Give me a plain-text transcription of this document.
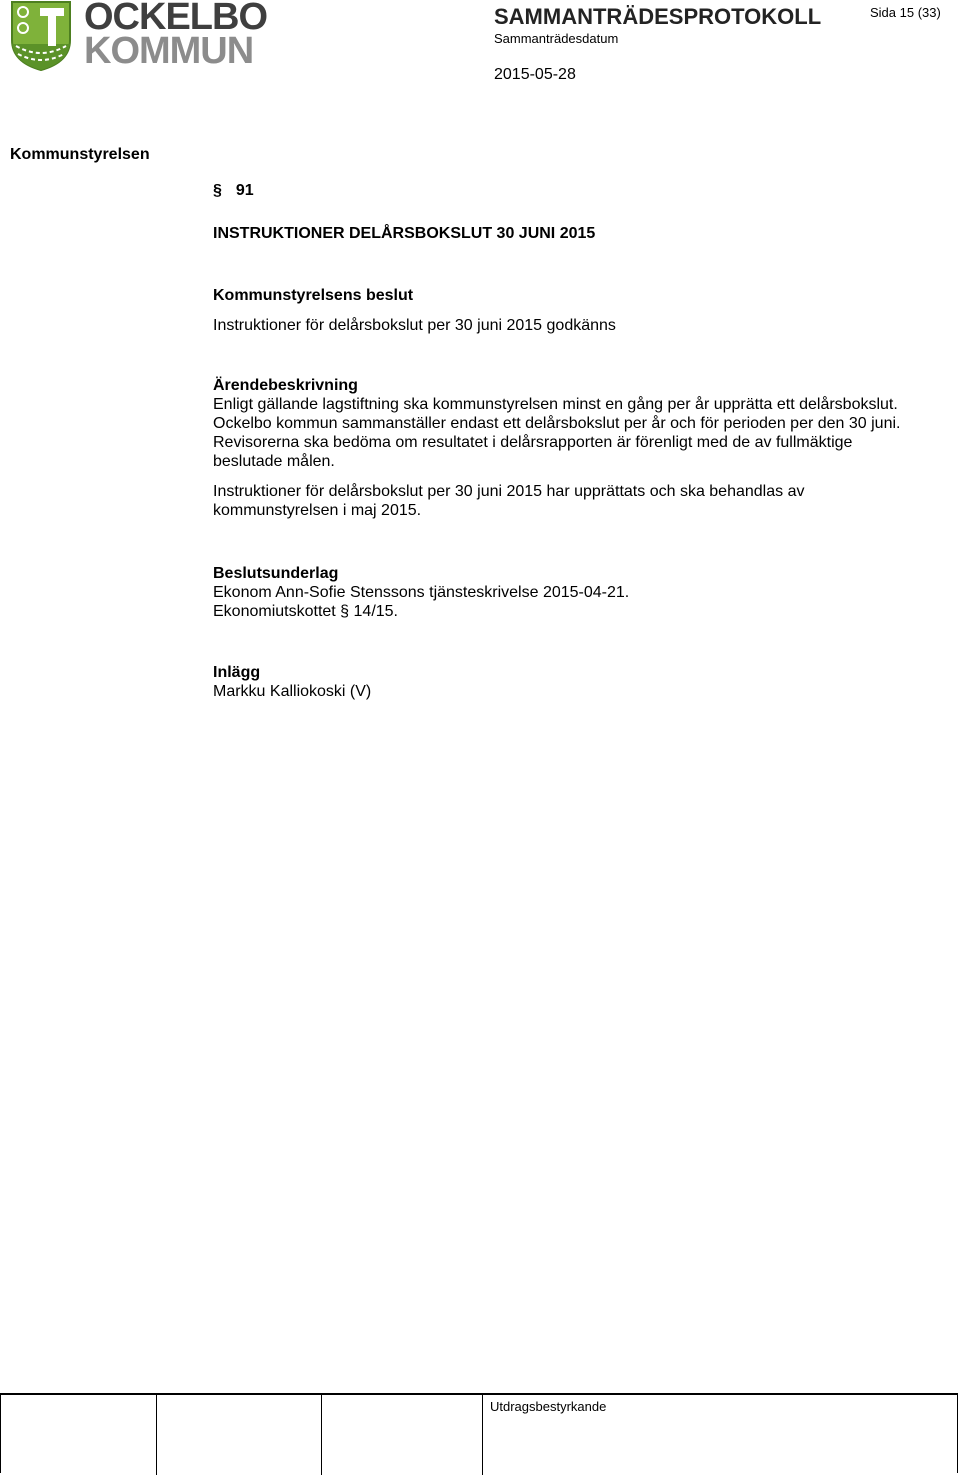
OCKELBO
KOMMUN
SAMMANTRÄDESPROTOKOLL
Sammanträdesdatum
2015-05-28
Sida 15 (33)
Kommunstyrelsen
§ 91
INSTRUKTIONER DELÅRSBOKSLUT 30 JUNI 2015
Kommunstyrelsens beslut

Instruktioner för delårsbokslut per 30 juni 2015 godkänns

Ärendebeskrivning

Enligt gällande lagstiftning ska kommunstyrelsen minst en gång per år upprätta ett delårsbokslut. Ockelbo kommun sammanställer endast ett delårsbokslut per år och för perioden per den 30 juni. Revisorerna ska bedöma om resultatet i delårsrapporten är förenligt med de av fullmäktige beslutade målen.

Instruktioner för delårsbokslut per 30 juni 2015 har upprättats och ska behandlas av kommunstyrelsen i maj 2015.

Beslutsunderlag

Ekonom Ann-Sofie Stenssons tjänsteskrivelse 2015-04-21.

Ekonomiutskottet § 14/15.

Inlägg

Markku Kalliokoski (V)

Utdragsbestyrkande
